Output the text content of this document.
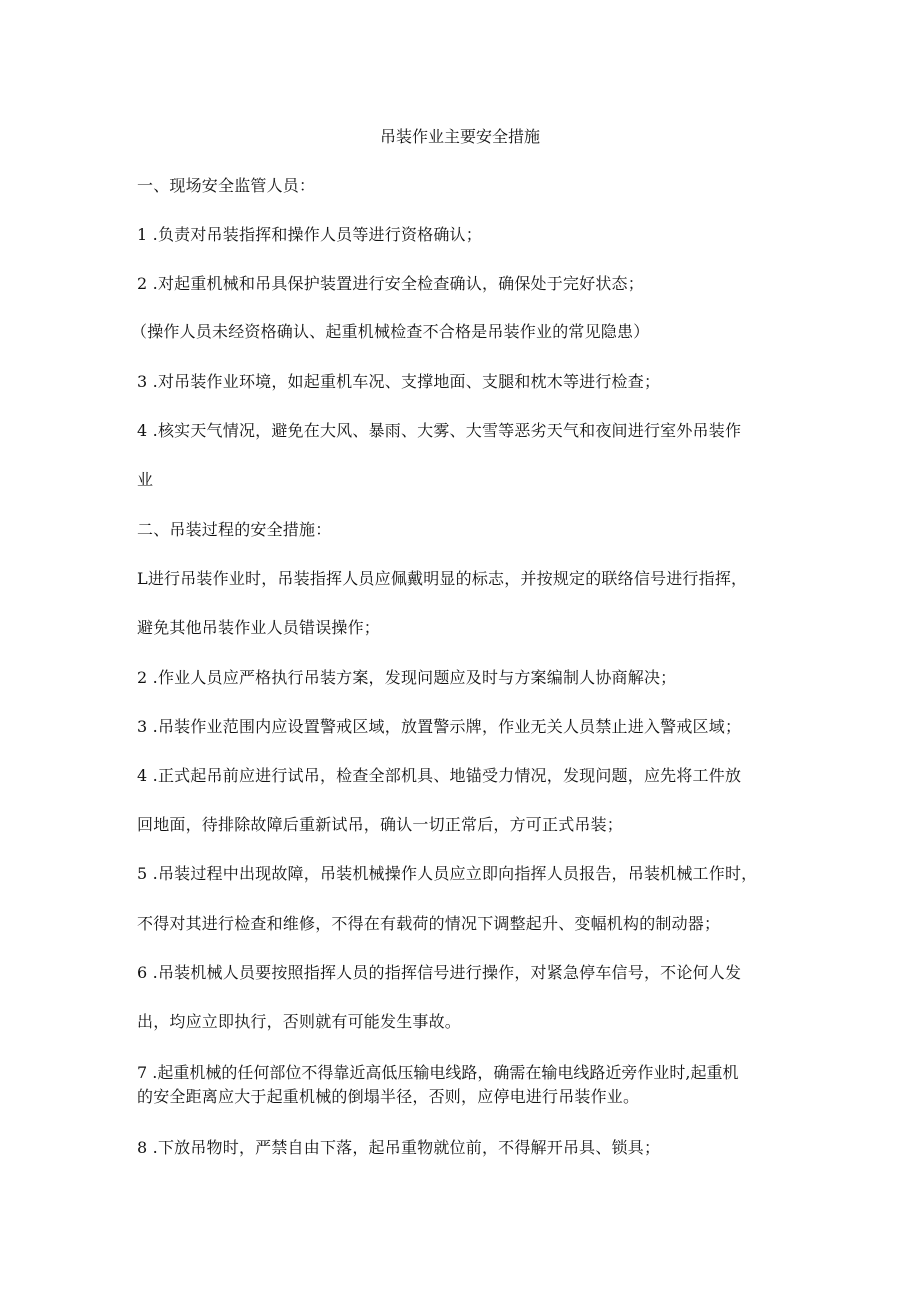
吊装作业主要安全措施
一、现场安全监管人员：
1 .负责对吊装指挥和操作人员等进行资格确认；
2 .对起重机械和吊具保护装置进行安全检查确认，确保处于完好状态；
（操作人员未经资格确认、起重机械检查不合格是吊装作业的常见隐患）
3 .对吊装作业环境，如起重机车况、支撑地面、支腿和枕木等进行检查；
4 .核实天气情况，避免在大风、暴雨、大雾、大雪等恶劣天气和夜间进行室外吊装作
业
二、吊装过程的安全措施：
L进行吊装作业时，吊装指挥人员应佩戴明显的标志，并按规定的联络信号进行指挥，
避免其他吊装作业人员错误操作；
2 .作业人员应严格执行吊装方案，发现问题应及时与方案编制人协商解决；
3 .吊装作业范围内应设置警戒区域，放置警示牌，作业无关人员禁止进入警戒区域；
4 .正式起吊前应进行试吊，检查全部机具、地锚受力情况，发现问题，应先将工件放
回地面，待排除故障后重新试吊，确认一切正常后，方可正式吊装；
5 .吊装过程中出现故障，吊装机械操作人员应立即向指挥人员报告，吊装机械工作时，
不得对其进行检查和维修，不得在有载荷的情况下调整起升、变幅机构的制动器；
6 .吊装机械人员要按照指挥人员的指挥信号进行操作，对紧急停车信号，不论何人发
出，均应立即执行，否则就有可能发生事故。
7 .起重机械的任何部位不得靠近高低压输电线路，确需在输电线路近旁作业时,起重机
的安全距离应大于起重机械的倒塌半径，否则，应停电进行吊装作业。
8 .下放吊物时，严禁自由下落，起吊重物就位前，不得解开吊具、锁具；
